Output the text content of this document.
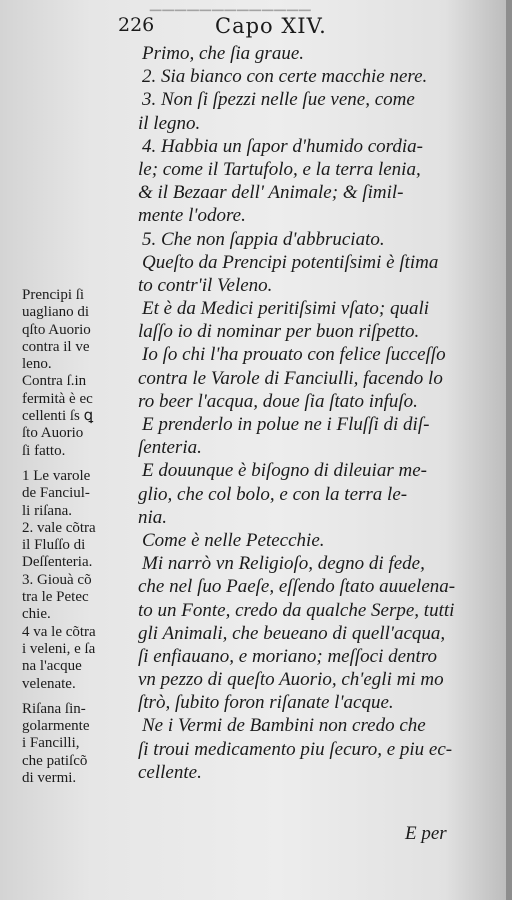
─────────────
226	Capo XIV.
Primo, che ſia graue.
2. Sia bianco con certe macchie nere.
3. Non ſi ſpezzi nelle ſue vene, come
il legno.
4. Habbia un ſapor d'humido cordia-
le; come il Tartufolo, e la terra lenia,
& il Bezaar dell' Animale; & ſimil-
mente l'odore.
5. Che non ſappia d'abbruciato.
Queſto da Prencipi potentiſsimi è ſtima
to contr'il Veleno.
Et è da Medici peritiſsimi vſato; quali
laſſo io di nominar per buon riſpetto.
Io ſo chi l'ha prouato con felice ſucceſſo
contra le Varole di Fanciulli, facendo lo
ro beer l'acqua, doue ſia ſtato infuſo.
E prenderlo in polue ne i Fluſſi di diſ-
ſenteria.
E douunque è biſogno di dileuiar me-
glio, che col bolo, e con la terra le-
nia.
Come è nelle Petecchie.
Mi narrò vn Religioſo, degno di fede,
che nel ſuo Paeſe, eſſendo ſtato auuelena-
to un Fonte, credo da qualche Serpe, tutti
gli Animali, che beueano di quell'acqua,
ſi enfiauano, e moriano; meſſoci dentro
vn pezzo di queſto Auorio, ch'egli mi mo
ſtrò, ſubito foron riſanate l'acque.
Ne i Vermi de Bambini non credo che
ſi troui medicamento piu ſecuro, e piu ec-
cellente.
Prencipi ſi
uagliano di
qſto Auorio
contra il ve
leno.
Contra ſ.in
fermità è ec
cellenti ſs ꝗ
ſto Auorio
ſi fatto.
1 Le varole
de Fanciul-
li riſana.
2. vale cõtra
il Fluſſo di
Deſſenteria.
3. Giouà cõ
tra le Petec
chie.
4 va le cõtra
i veleni, e ſa
na l'acque
velenate.
Riſana ſin-
golarmente
i Fancilli,
che patiſcõ
di vermi.
E per
